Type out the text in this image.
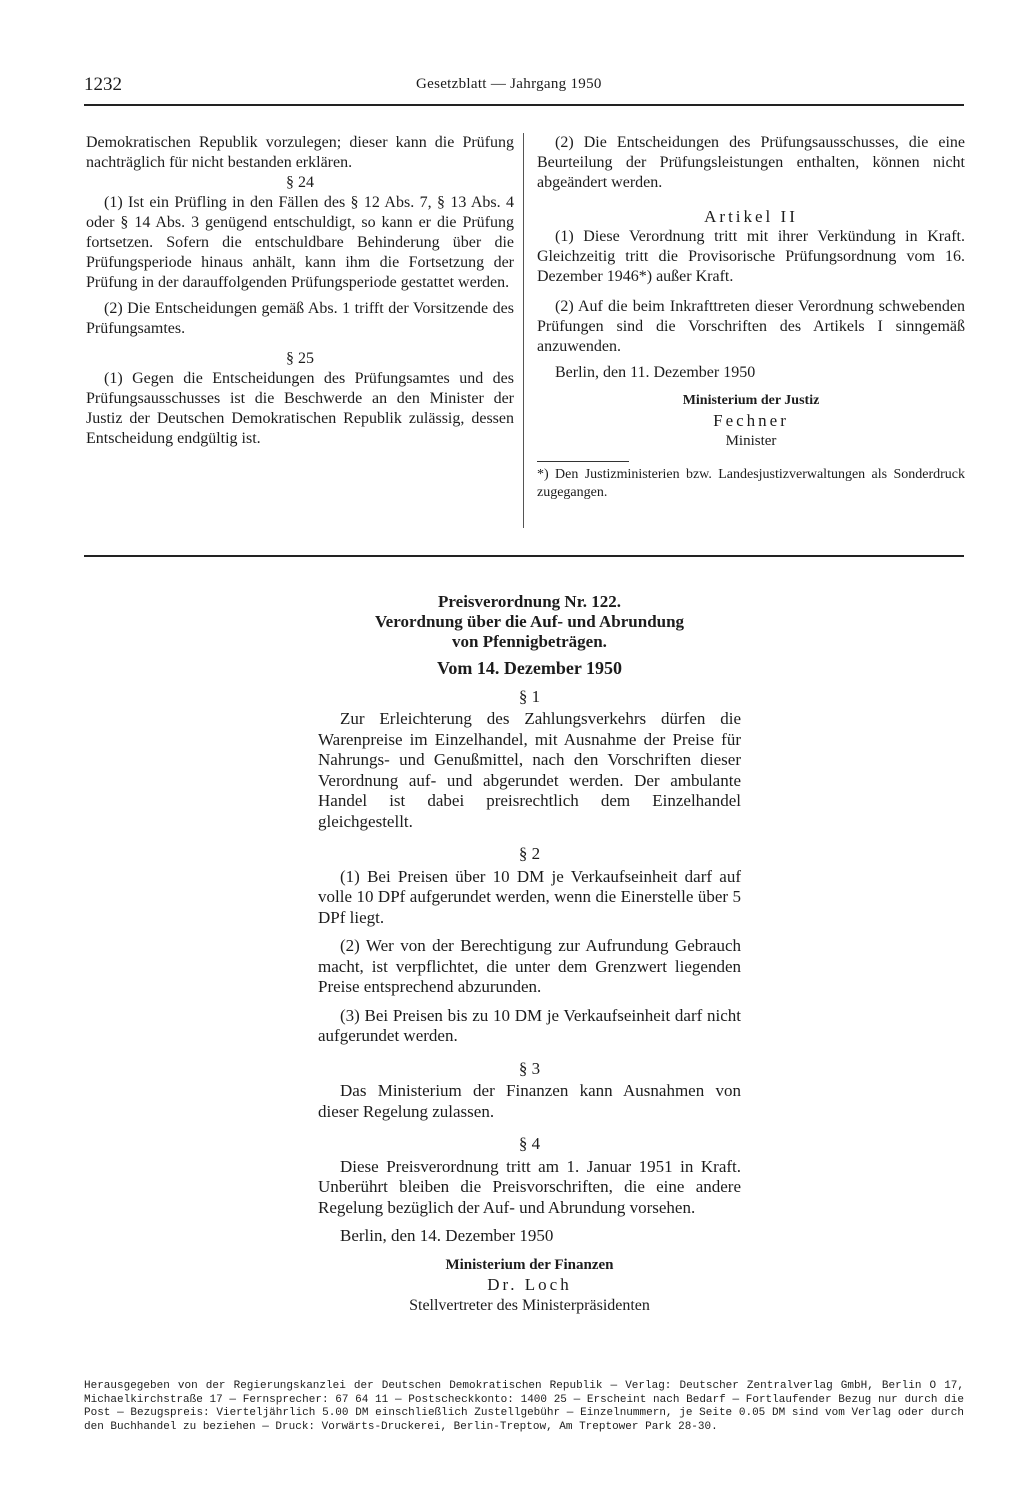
1232	Gesetzblatt — Jahrgang 1950

Demokratischen Republik vorzulegen; dieser kann die Prüfung nachträglich für nicht bestanden erklären.

§ 24

(1) Ist ein Prüfling in den Fällen des § 12 Abs. 7, § 13 Abs. 4 oder § 14 Abs. 3 genügend entschuldigt, so kann er die Prüfung fortsetzen. Sofern die entschuldbare Behinderung über die Prüfungsperiode hinaus anhält, kann ihm die Fortsetzung der Prüfung in der darauffolgenden Prüfungsperiode gestattet werden.

(2) Die Entscheidungen gemäß Abs. 1 trifft der Vorsitzende des Prüfungsamtes.

§ 25

(1) Gegen die Entscheidungen des Prüfungsamtes und des Prüfungsausschusses ist die Beschwerde an den Minister der Justiz der Deutschen Demokratischen Republik zulässig, dessen Entscheidung endgültig ist.

(2) Die Entscheidungen des Prüfungsausschusses, die eine Beurteilung der Prüfungsleistungen enthalten, können nicht abgeändert werden.

Artikel II

(1) Diese Verordnung tritt mit ihrer Verkündung in Kraft. Gleichzeitig tritt die Provisorische Prüfungsordnung vom 16. Dezember 1946*) außer Kraft.

(2) Auf die beim Inkrafttreten dieser Verordnung schwebenden Prüfungen sind die Vorschriften des Artikels I sinngemäß anzuwenden.

Berlin, den 11. Dezember 1950

Ministerium der Justiz

Fechner

Minister

*) Den Justizministerien bzw. Landesjustizverwaltungen als Sonderdruck zugegangen.

Preisverordnung Nr. 122.

Verordnung über die Auf- und Abrundung

von Pfennigbeträgen.

Vom 14. Dezember 1950

§ 1

Zur Erleichterung des Zahlungsverkehrs dürfen die Warenpreise im Einzelhandel, mit Ausnahme der Preise für Nahrungs- und Genußmittel, nach den Vorschriften dieser Verordnung auf- und abgerundet werden. Der ambulante Handel ist dabei preisrechtlich dem Einzelhandel gleichgestellt.

§ 2

(1) Bei Preisen über 10 DM je Verkaufseinheit darf auf volle 10 DPf aufgerundet werden, wenn die Einerstelle über 5 DPf liegt.

(2) Wer von der Berechtigung zur Aufrundung Gebrauch macht, ist verpflichtet, die unter dem Grenzwert liegenden Preise entsprechend abzurunden.

(3) Bei Preisen bis zu 10 DM je Verkaufseinheit darf nicht aufgerundet werden.

§ 3

Das Ministerium der Finanzen kann Ausnahmen von dieser Regelung zulassen.

§ 4

Diese Preisverordnung tritt am 1. Januar 1951 in Kraft. Unberührt bleiben die Preisvorschriften, die eine andere Regelung bezüglich der Auf- und Abrundung vorsehen.

Berlin, den 14. Dezember 1950

Ministerium der Finanzen

Dr. Loch

Stellvertreter des Ministerpräsidenten

Herausgegeben von der Regierungskanzlei der Deutschen Demokratischen Republik — Verlag: Deutscher Zentralverlag GmbH, Berlin O 17, Michaelkirchstraße 17 — Fernsprecher: 67 64 11 — Postscheckkonto: 1400 25 — Erscheint nach Bedarf — Fortlaufender Bezug nur durch die Post — Bezugspreis: Vierteljährlich 5.00 DM einschließlich Zustellgebühr — Einzelnummern, je Seite 0.05 DM sind vom Verlag oder durch den Buchhandel zu beziehen — Druck: Vorwärts-Druckerei, Berlin-Treptow, Am Treptower Park 28-30.
